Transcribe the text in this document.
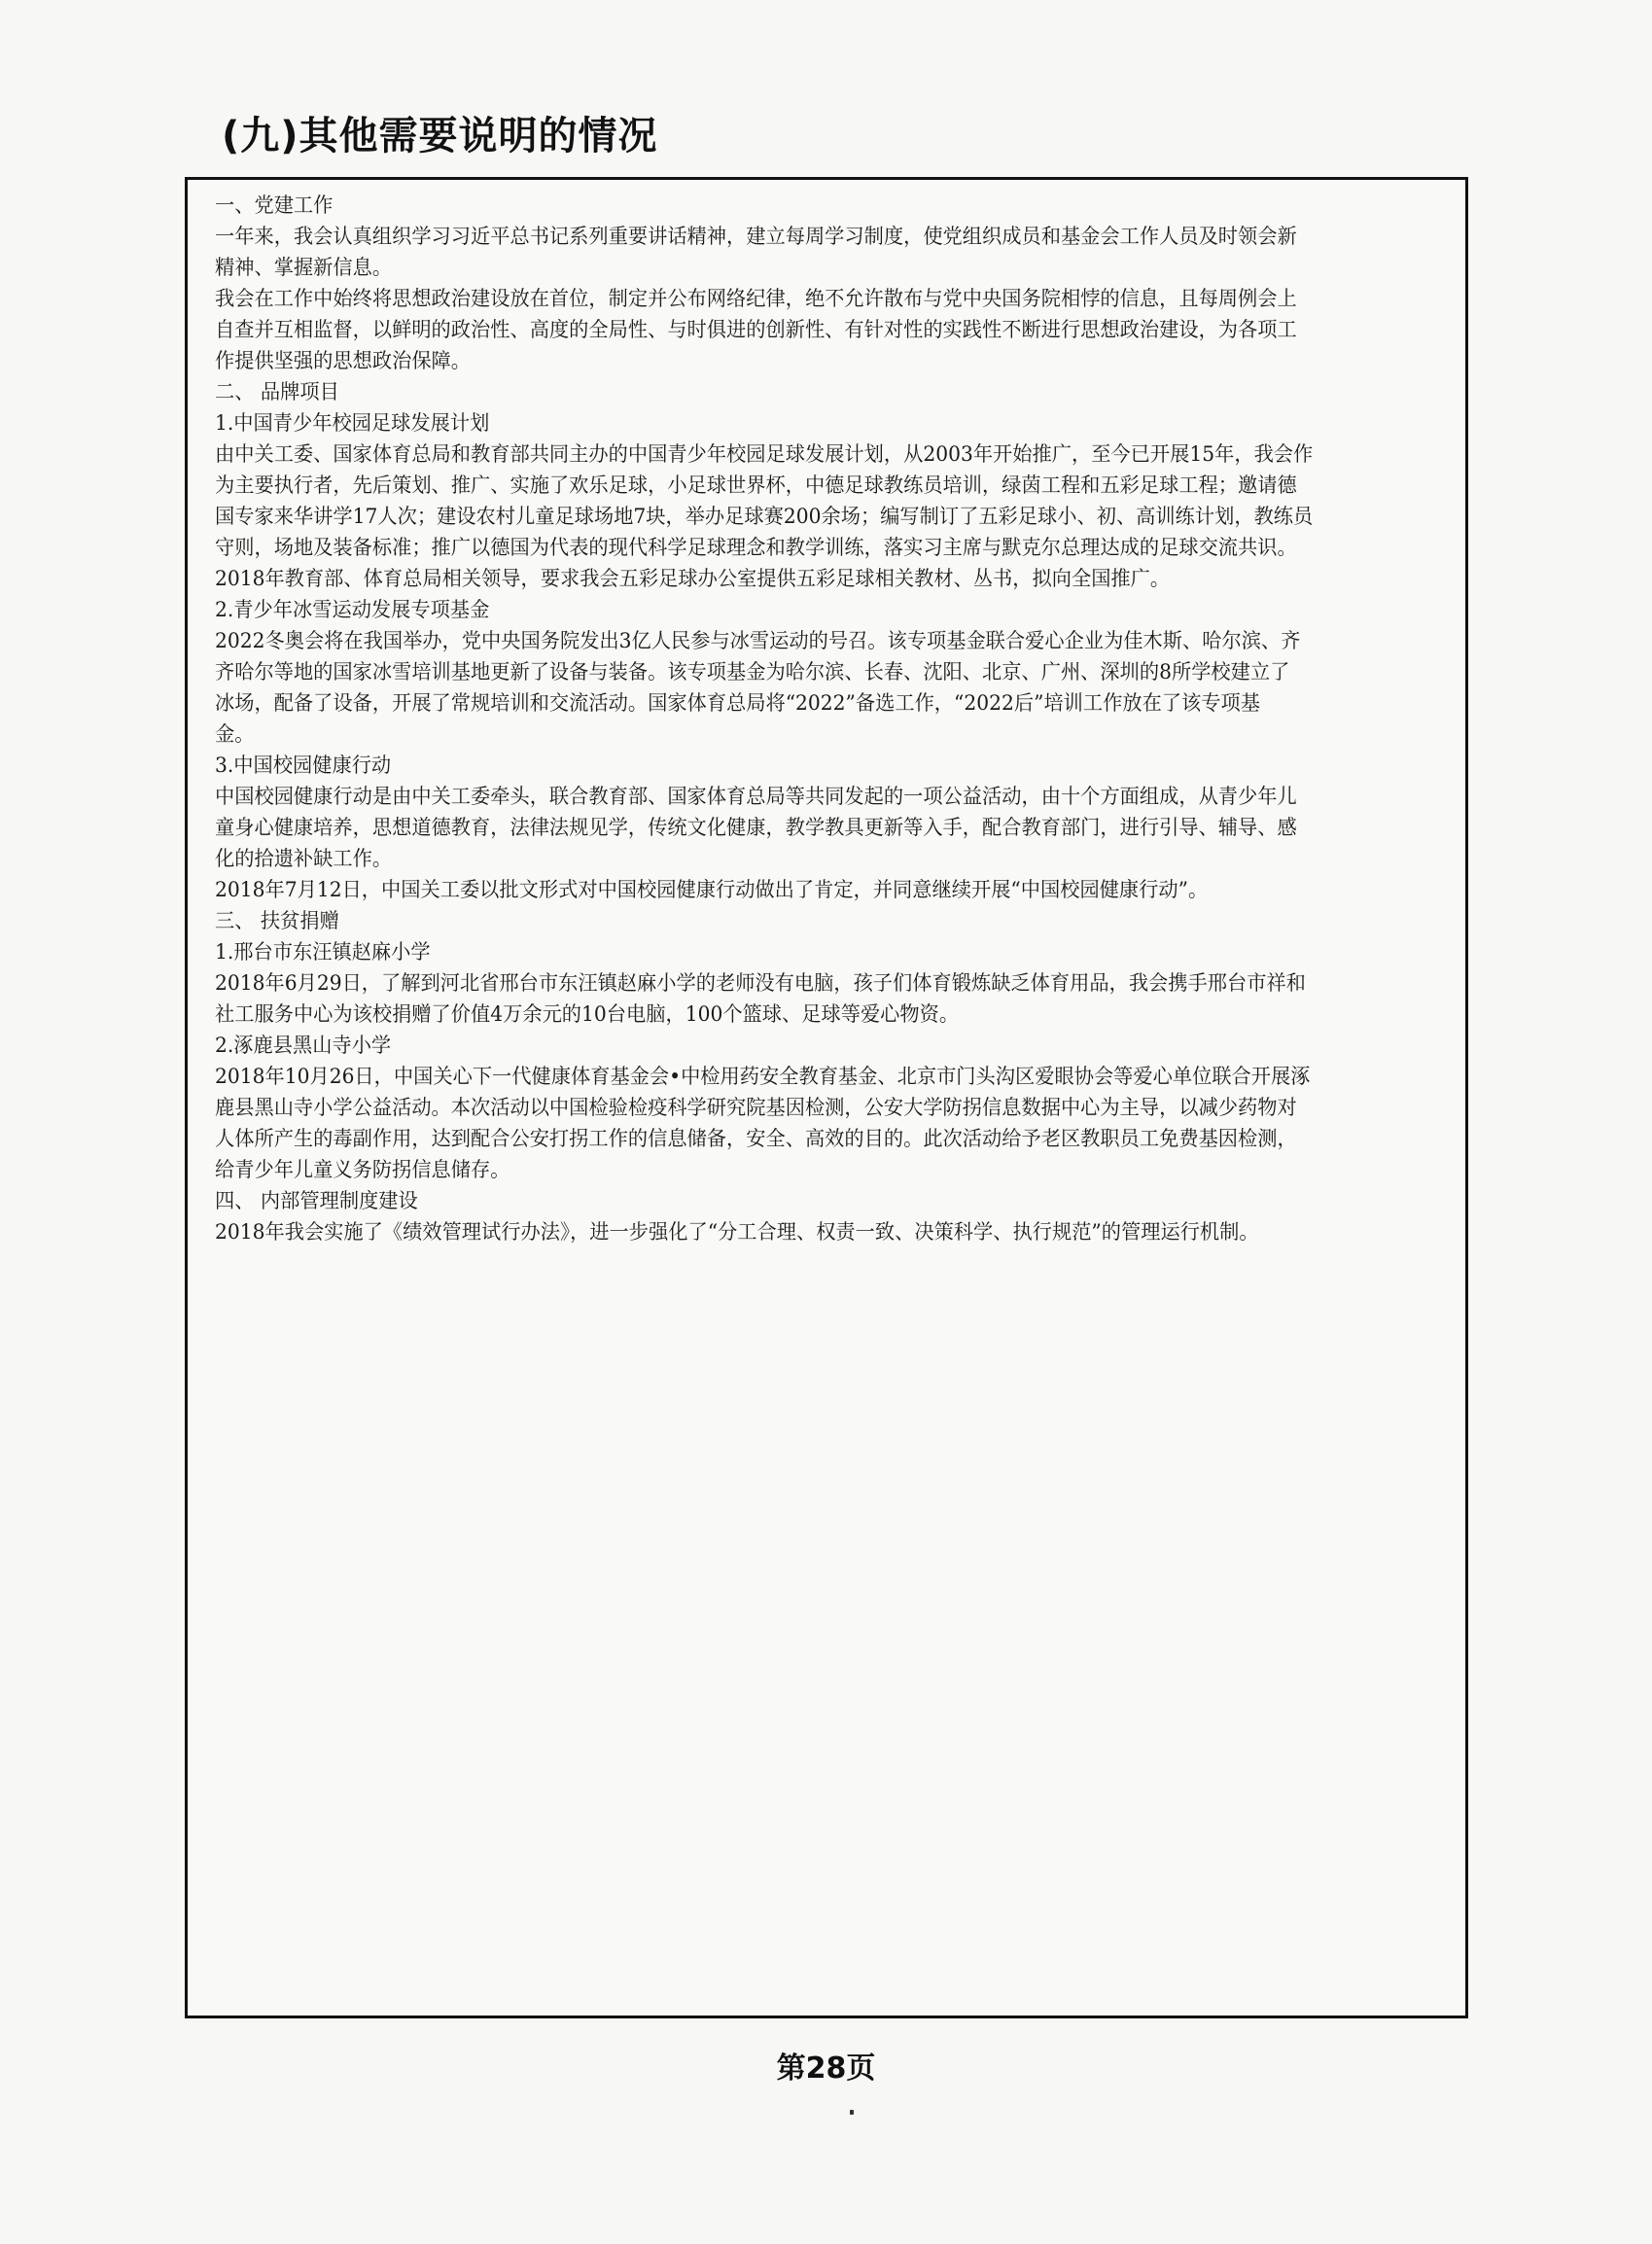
(九)其他需要说明的情况

一、党建工作

一年来，我会认真组织学习习近平总书记系列重要讲话精神，建立每周学习制度，使党组织成员和基金会工作人员及时领会新

精神、掌握新信息。

我会在工作中始终将思想政治建设放在首位，制定并公布网络纪律，绝不允许散布与党中央国务院相悖的信息，且每周例会上

自查并互相监督，以鲜明的政治性、高度的全局性、与时俱进的创新性、有针对性的实践性不断进行思想政治建设，为各项工

作提供坚强的思想政治保障。

二、 品牌项目

1.中国青少年校园足球发展计划

由中关工委、国家体育总局和教育部共同主办的中国青少年校园足球发展计划，从2003年开始推广，至今已开展15年，我会作

为主要执行者，先后策划、推广、实施了欢乐足球，小足球世界杯，中德足球教练员培训，绿茵工程和五彩足球工程；邀请德

国专家来华讲学17人次；建设农村儿童足球场地7块，举办足球赛200余场；编写制订了五彩足球小、初、高训练计划，教练员

守则，场地及装备标准；推广以德国为代表的现代科学足球理念和教学训练，落实习主席与默克尔总理达成的足球交流共识。

2018年教育部、体育总局相关领导，要求我会五彩足球办公室提供五彩足球相关教材、丛书，拟向全国推广。

2.青少年冰雪运动发展专项基金

2022冬奥会将在我国举办，党中央国务院发出3亿人民参与冰雪运动的号召。该专项基金联合爱心企业为佳木斯、哈尔滨、齐

齐哈尔等地的国家冰雪培训基地更新了设备与装备。该专项基金为哈尔滨、长春、沈阳、北京、广州、深圳的8所学校建立了

冰场，配备了设备，开展了常规培训和交流活动。国家体育总局将“2022”备选工作，“2022后”培训工作放在了该专项基

金。

3.中国校园健康行动

中国校园健康行动是由中关工委牵头，联合教育部、国家体育总局等共同发起的一项公益活动，由十个方面组成，从青少年儿

童身心健康培养，思想道德教育，法律法规见学，传统文化健康，教学教具更新等入手，配合教育部门，进行引导、辅导、感

化的拾遗补缺工作。

2018年7月12日，中国关工委以批文形式对中国校园健康行动做出了肯定，并同意继续开展“中国校园健康行动”。

三、 扶贫捐赠

1.邢台市东汪镇赵麻小学

2018年6月29日，了解到河北省邢台市东汪镇赵麻小学的老师没有电脑，孩子们体育锻炼缺乏体育用品，我会携手邢台市祥和

社工服务中心为该校捐赠了价值4万余元的10台电脑，100个篮球、足球等爱心物资。

2.涿鹿县黑山寺小学

2018年10月26日，中国关心下一代健康体育基金会•中检用药安全教育基金、北京市门头沟区爱眼协会等爱心单位联合开展涿

鹿县黑山寺小学公益活动。本次活动以中国检验检疫科学研究院基因检测，公安大学防拐信息数据中心为主导，以减少药物对

人体所产生的毒副作用，达到配合公安打拐工作的信息储备，安全、高效的目的。此次活动给予老区教职员工免费基因检测，

给青少年儿童义务防拐信息储存。

四、 内部管理制度建设

2018年我会实施了《绩效管理试行办法》，进一步强化了“分工合理、权责一致、决策科学、执行规范”的管理运行机制。

第28页
